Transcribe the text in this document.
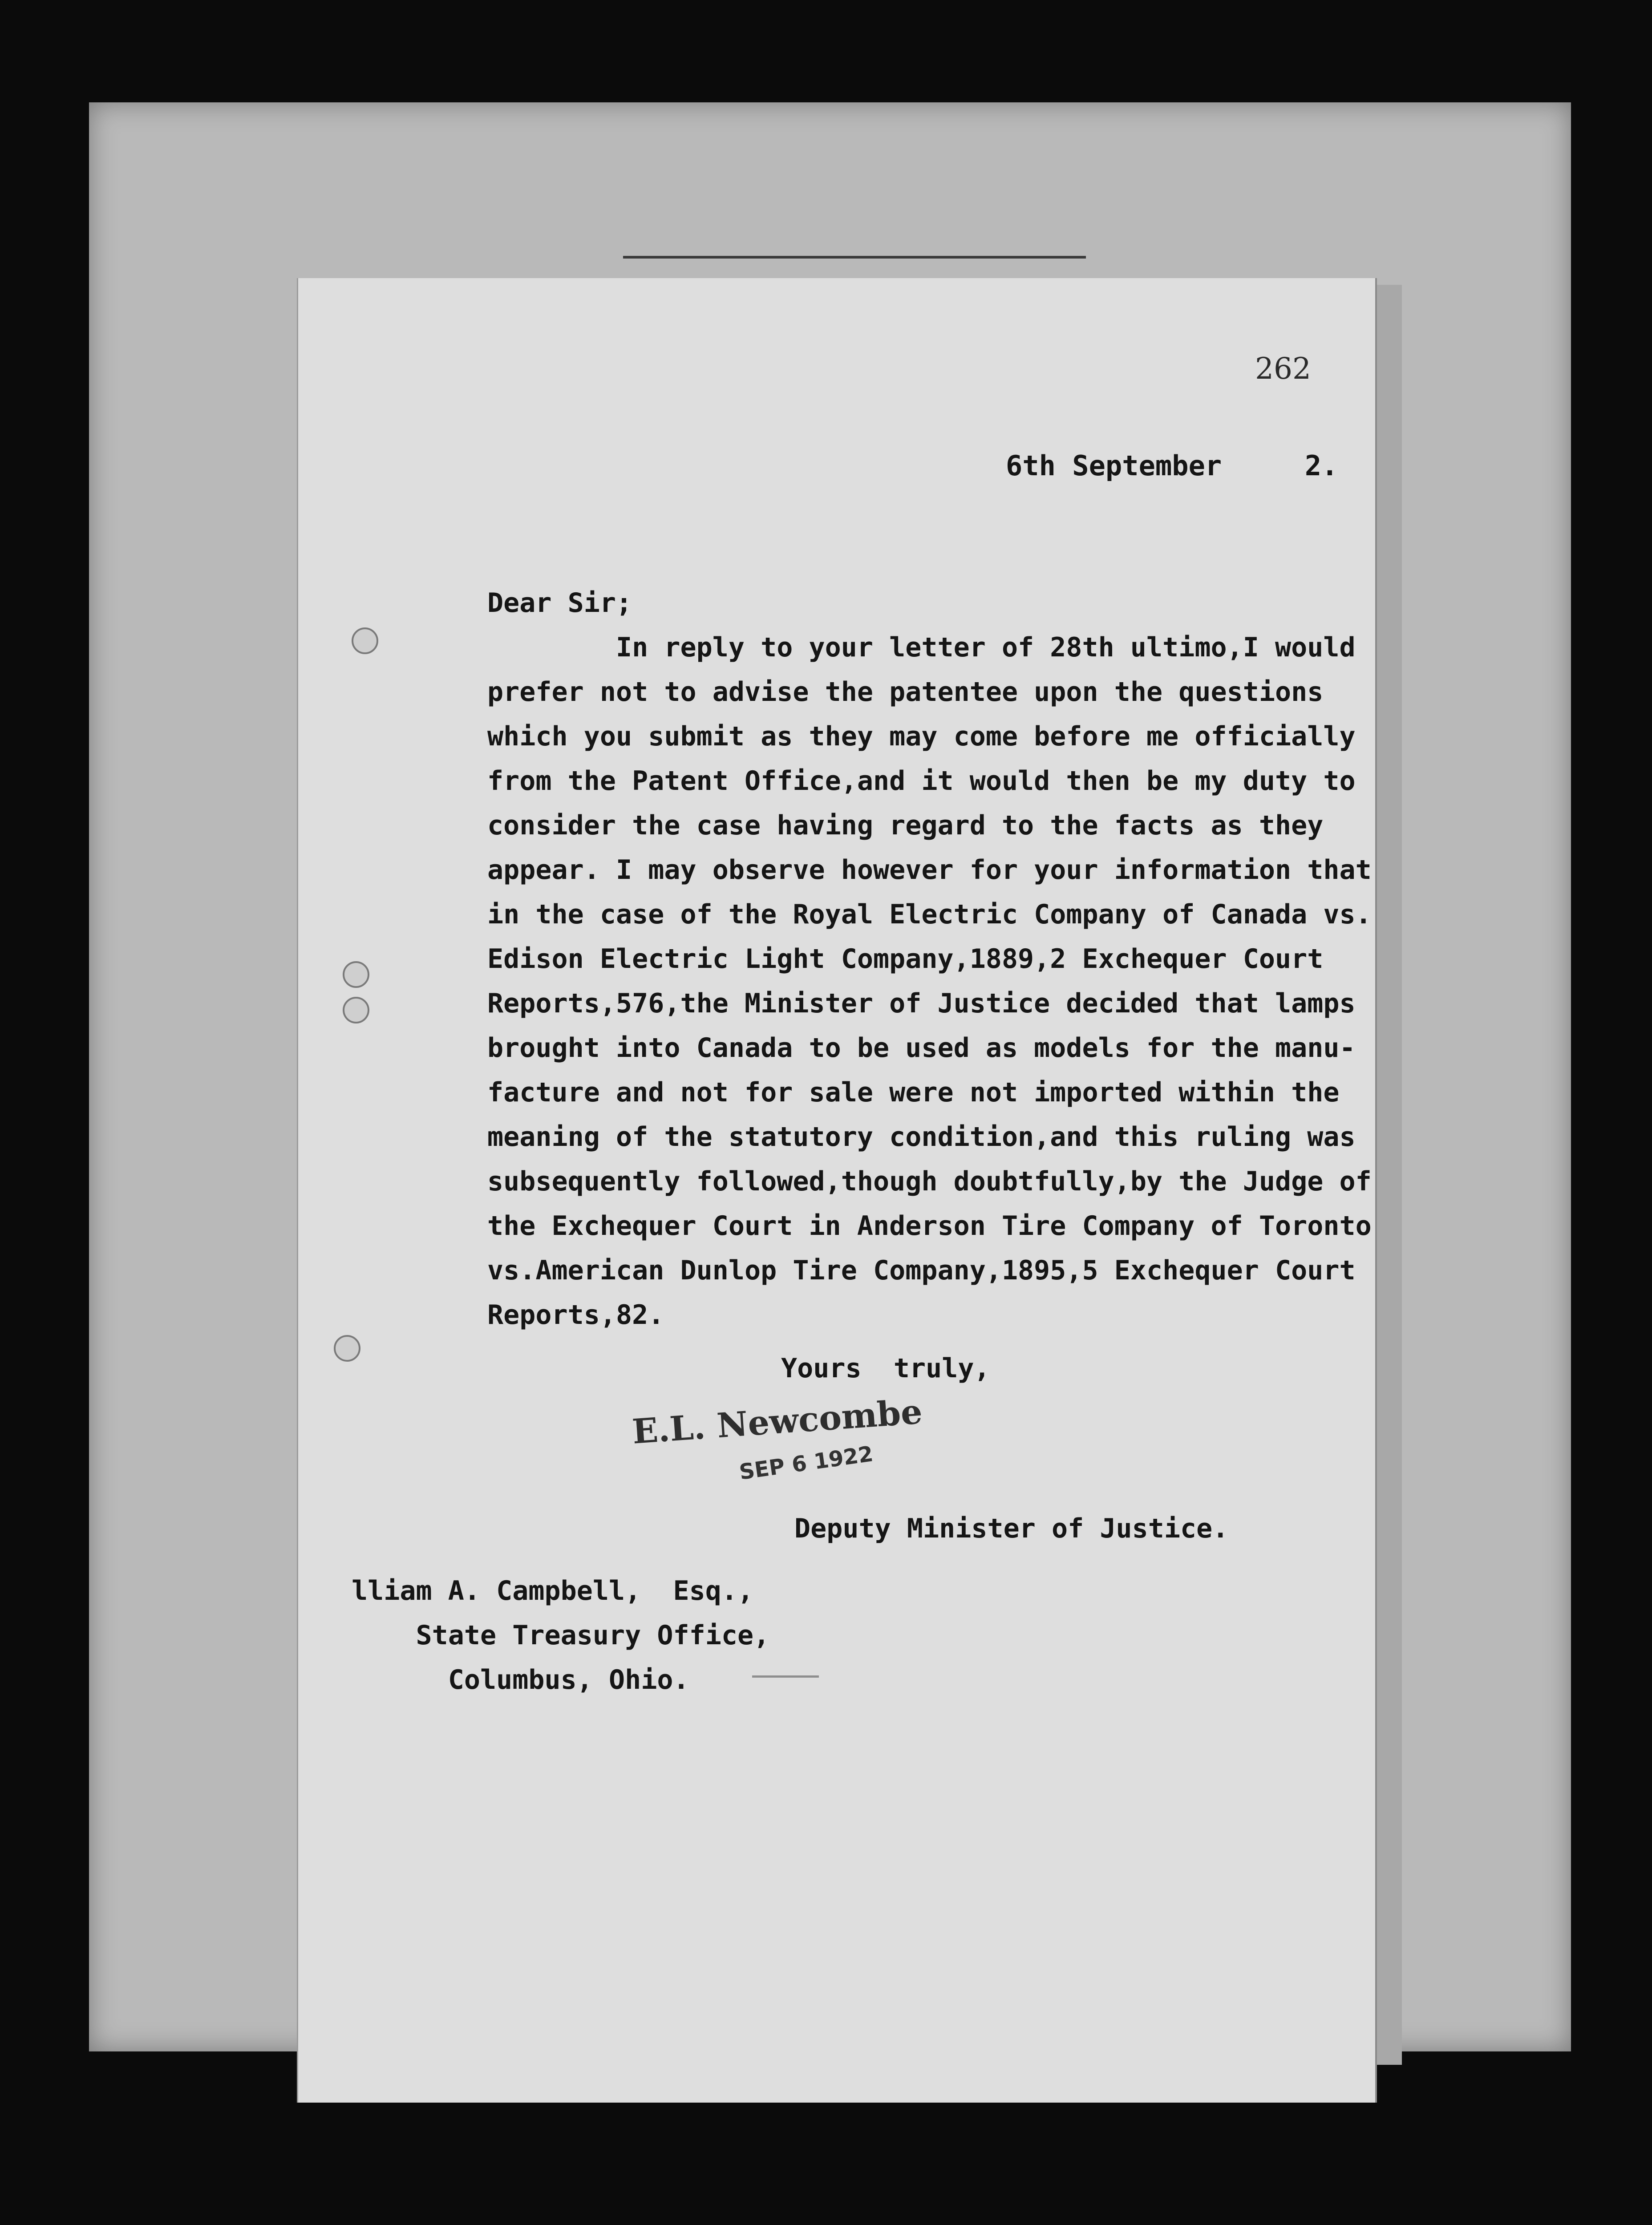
262
6th September     2.
Dear Sir;
In reply to your letter of 28th ultimo,I would
prefer not to advise the patentee upon the questions
which you submit as they may come before me officially
from the Patent Office,and it would then be my duty to
consider the case having regard to the facts as they
appear. I may observe however for your information that
in the case of the Royal Electric Company of Canada vs.
Edison Electric Light Company,1889,2 Exchequer Court
Reports,576,the Minister of Justice decided that lamps
brought into Canada to be used as models for the manu-
facture and not for sale were not imported within the
meaning of the statutory condition,and this ruling was
subsequently followed,though doubtfully,by the Judge of
the Exchequer Court in Anderson Tire Company of Toronto
vs.American Dunlop Tire Company,1895,5 Exchequer Court
Reports,82.
Yours  truly,
E.L. Newcombe
SEP 6 1922
Deputy Minister of Justice.
lliam A. Campbell,  Esq.,
State Treasury Office,
Columbus, Ohio.
